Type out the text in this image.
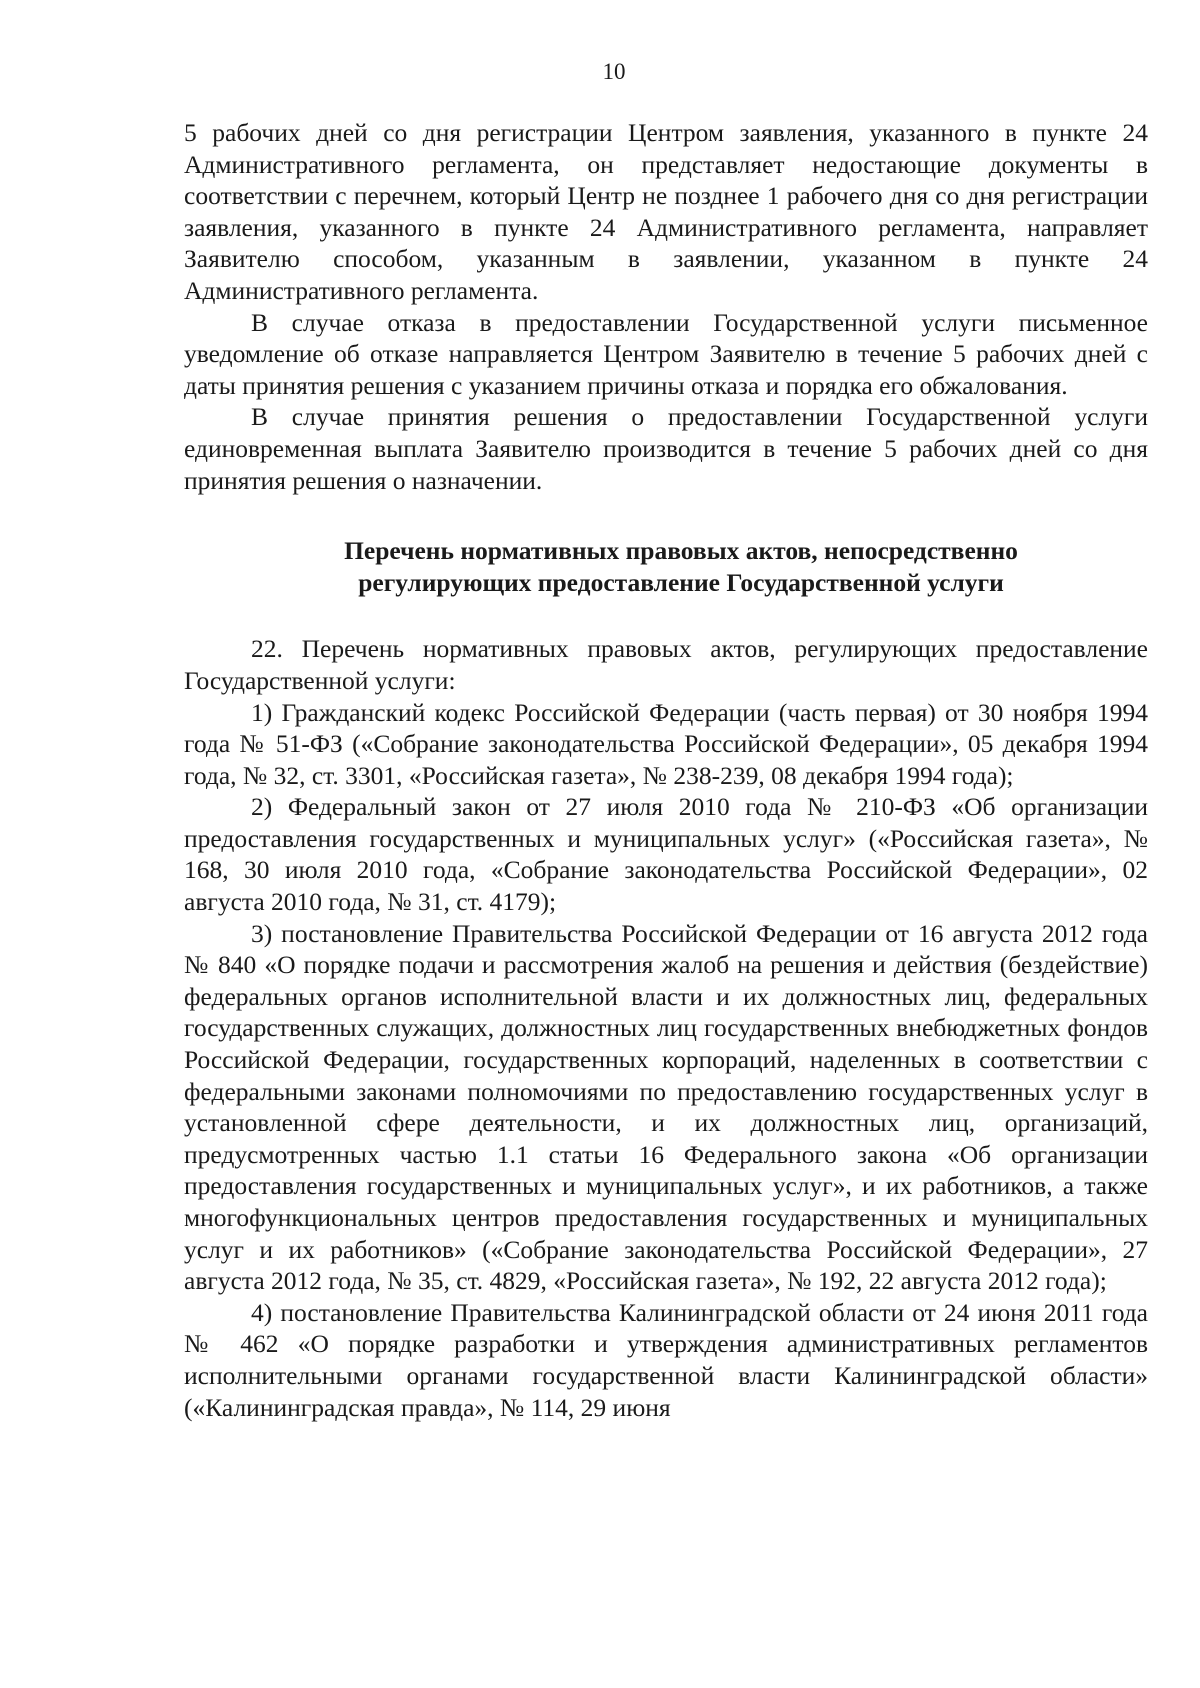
10

5 рабочих дней со дня регистрации Центром заявления, указанного в пункте 24 Административного регламента, он представляет недостающие документы в соответствии с перечнем, который Центр не позднее 1 рабочего дня со дня регистрации заявления, указанного в пункте 24 Административного регламента, направляет Заявителю способом, указанным в заявлении, указанном в пункте 24 Административного регламента.

В случае отказа в предоставлении Государственной услуги письменное уведомление об отказе направляется Центром Заявителю в течение 5 рабочих дней с даты принятия решения с указанием причины отказа и порядка его обжалования.

В случае принятия решения о предоставлении Государственной услуги единовременная выплата Заявителю производится в течение 5 рабочих дней со дня принятия решения о назначении.

Перечень нормативных правовых актов, непосредственно
регулирующих предоставление Государственной услуги

22. Перечень нормативных правовых актов, регулирующих предоставление Государственной услуги:

1) Гражданский кодекс Российской Федерации (часть первая) от 30 ноября 1994 года № 51-ФЗ («Собрание законодательства Российской Федерации», 05 декабря 1994 года, № 32, ст. 3301, «Российская газета», № 238-239, 08 декабря 1994 года);

2) Федеральный закон от 27 июля 2010 года № 210-ФЗ «Об организации предоставления государственных и муниципальных услуг» («Российская газета», № 168, 30 июля 2010 года, «Собрание законодательства Российской Федерации», 02 августа 2010 года, № 31, ст. 4179);

3) постановление Правительства Российской Федерации от 16 августа 2012 года № 840 «О порядке подачи и рассмотрения жалоб на решения и действия (бездействие) федеральных органов исполнительной власти и их должностных лиц, федеральных государственных служащих, должностных лиц государственных внебюджетных фондов Российской Федерации, государственных корпораций, наделенных в соответствии с федеральными законами полномочиями по предоставлению государственных услуг в установленной сфере деятельности, и их должностных лиц, организаций, предусмотренных частью 1.1 статьи 16 Федерального закона «Об организации предоставления государственных и муниципальных услуг», и их работников, а также многофункциональных центров предоставления государственных и муниципальных услуг и их работников» («Собрание законодательства Российской Федерации», 27 августа 2012 года, № 35, ст. 4829, «Российская газета», № 192, 22 августа 2012 года);

4) постановление Правительства Калининградской области от 24 июня 2011 года № 462 «О порядке разработки и утверждения административных регламентов исполнительными органами государственной власти Калининградской области» («Калининградская правда», № 114, 29 июня
